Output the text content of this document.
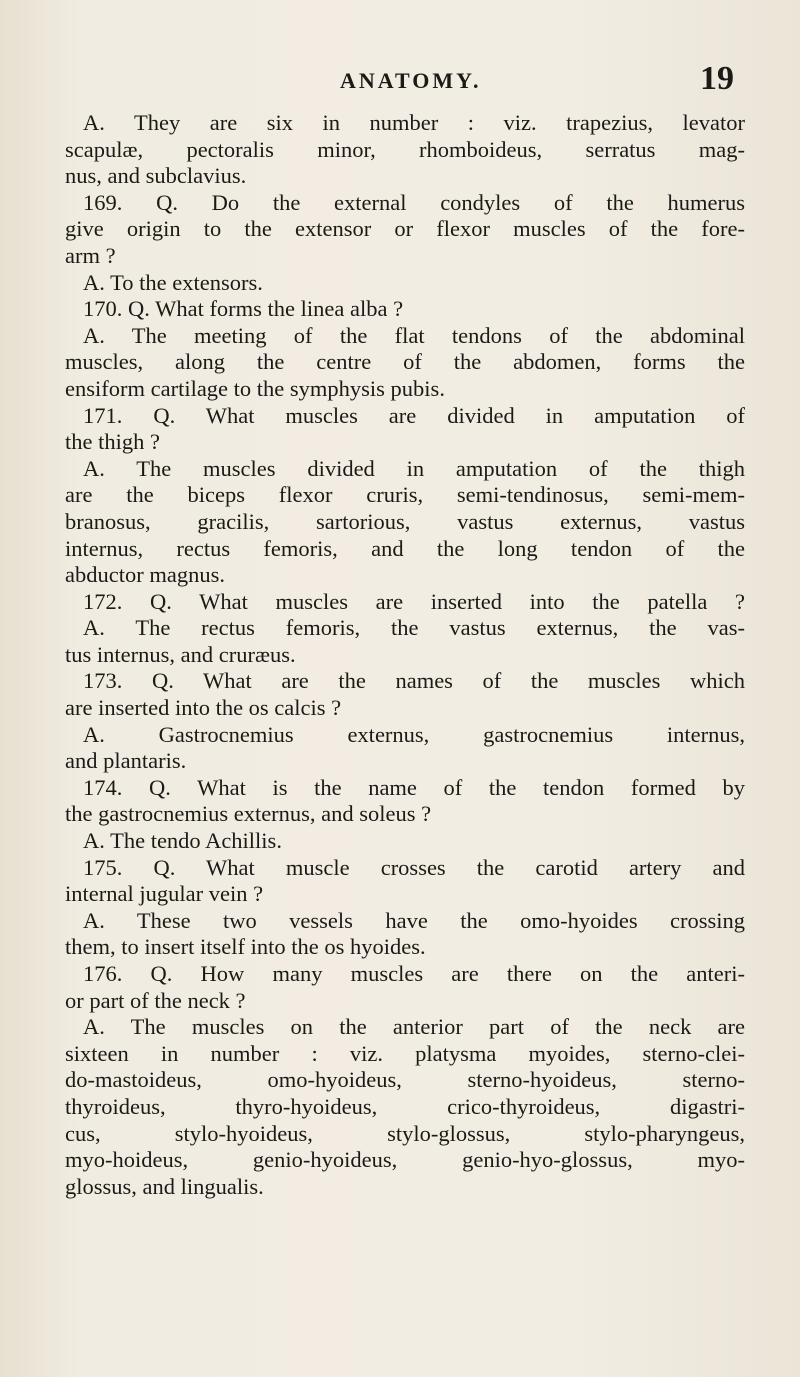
ANATOMY.	19
A. They are six in number : viz. trapezius, levator
scapulæ, pectoralis minor, rhomboideus, serratus mag-
nus, and subclavius.
169. Q. Do the external condyles of the humerus
give origin to the extensor or flexor muscles of the fore-
arm ?
A. To the extensors.
170. Q. What forms the linea alba ?
A. The meeting of the flat tendons of the abdominal
muscles, along the centre of the abdomen, forms the
ensiform cartilage to the symphysis pubis.
171. Q. What muscles are divided in amputation of
the thigh ?
A. The muscles divided in amputation of the thigh
are the biceps flexor cruris, semi-tendinosus, semi-mem-
branosus, gracilis, sartorious, vastus externus, vastus
internus, rectus femoris, and the long tendon of the
abductor magnus.
172. Q. What muscles are inserted into the patella ?
A. The rectus femoris, the vastus externus, the vas-
tus internus, and cruræus.
173. Q. What are the names of the muscles which
are inserted into the os calcis ?
A. Gastrocnemius externus, gastrocnemius internus,
and plantaris.
174. Q. What is the name of the tendon formed by
the gastrocnemius externus, and soleus ?
A. The tendo Achillis.
175. Q. What muscle crosses the carotid artery and
internal jugular vein ?
A. These two vessels have the omo-hyoides crossing
them, to insert itself into the os hyoides.
176. Q. How many muscles are there on the anteri-
or part of the neck ?
A. The muscles on the anterior part of the neck are
sixteen in number : viz. platysma myoides, sterno-clei-
do-mastoideus, omo-hyoideus, sterno-hyoideus, sterno-
thyroideus, thyro-hyoideus, crico-thyroideus, digastri-
cus, stylo-hyoideus, stylo-glossus, stylo-pharyngeus,
myo-hoideus, genio-hyoideus, genio-hyo-glossus, myo-
glossus, and lingualis.
